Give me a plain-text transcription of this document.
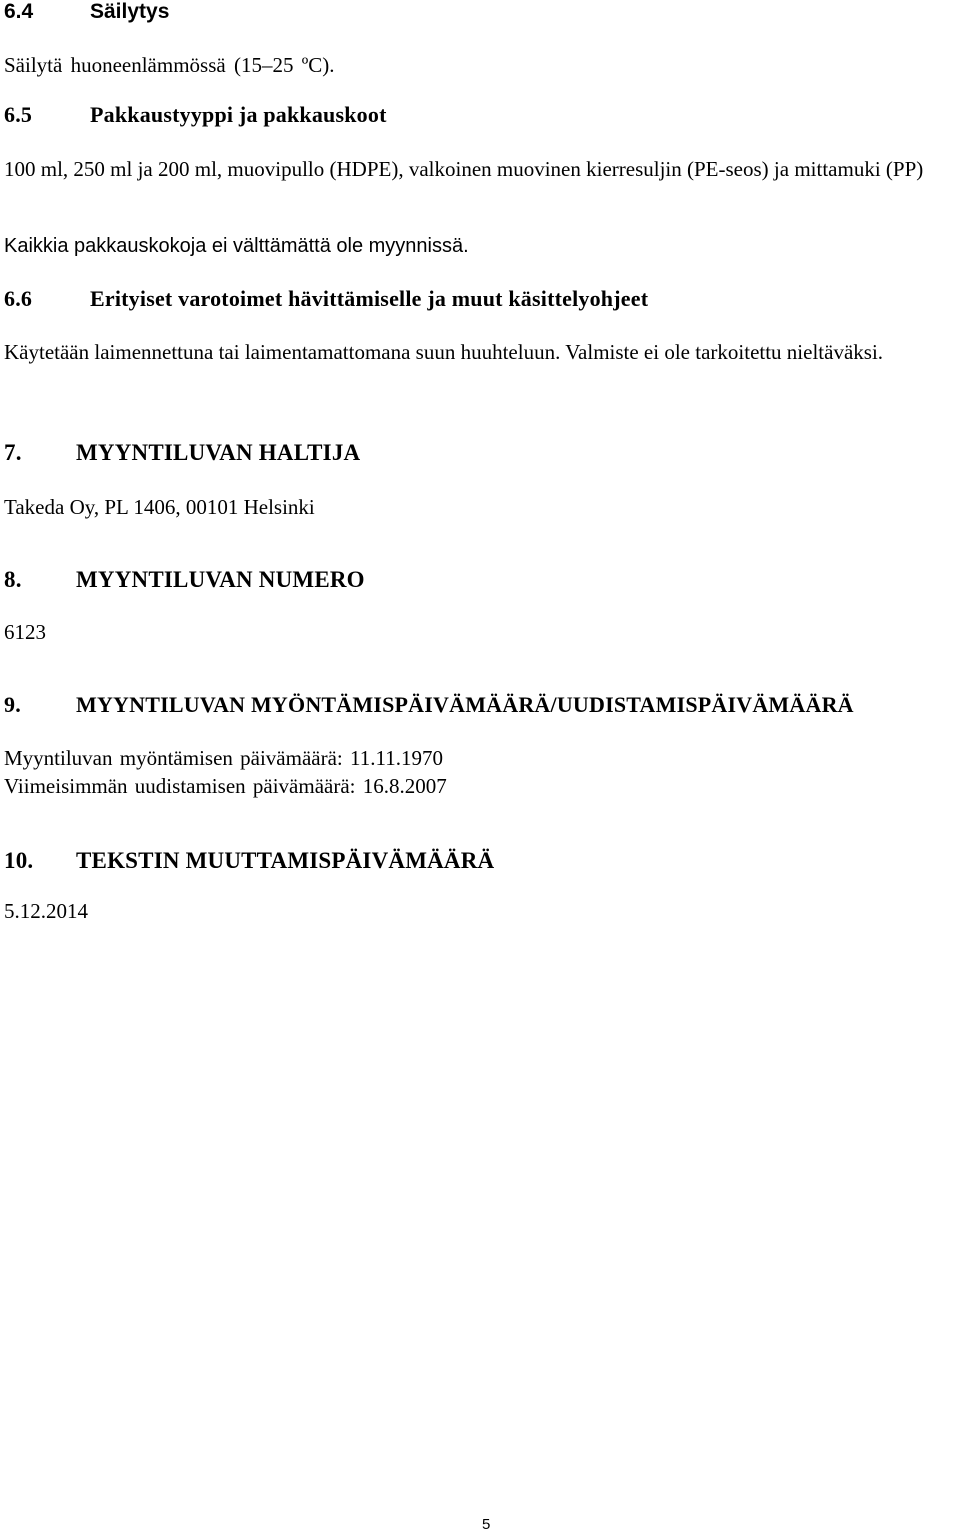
6.4	Säilytys

Säilytä huoneenlämmössä (15–25 ºC).

6.5	Pakkaustyyppi ja pakkauskoot

100 ml, 250 ml ja 200 ml, muovipullo (HDPE), valkoinen muovinen kierresuljin (PE-seos) ja mittamuki (PP)

Kaikkia pakkauskokoja ei välttämättä ole myynnissä.

6.6	Erityiset varotoimet hävittämiselle ja muut käsittelyohjeet

Käytetään laimennettuna tai laimentamattomana suun huuhteluun. Valmiste ei ole tarkoitettu nieltäväksi.

7. MYYNTILUVAN HALTIJA

Takeda Oy, PL 1406, 00101 Helsinki

8. MYYNTILUVAN NUMERO

6123

9.	MYYNTILUVAN MYÖNTÄMISPÄIVÄMÄÄRÄ/UUDISTAMISPÄIVÄMÄÄRÄ

Myyntiluvan myöntämisen päivämäärä: 11.11.1970

Viimeisimmän uudistamisen päivämäärä: 16.8.2007

10. TEKSTIN MUUTTAMISPÄIVÄMÄÄRÄ

5.12.2014

5
